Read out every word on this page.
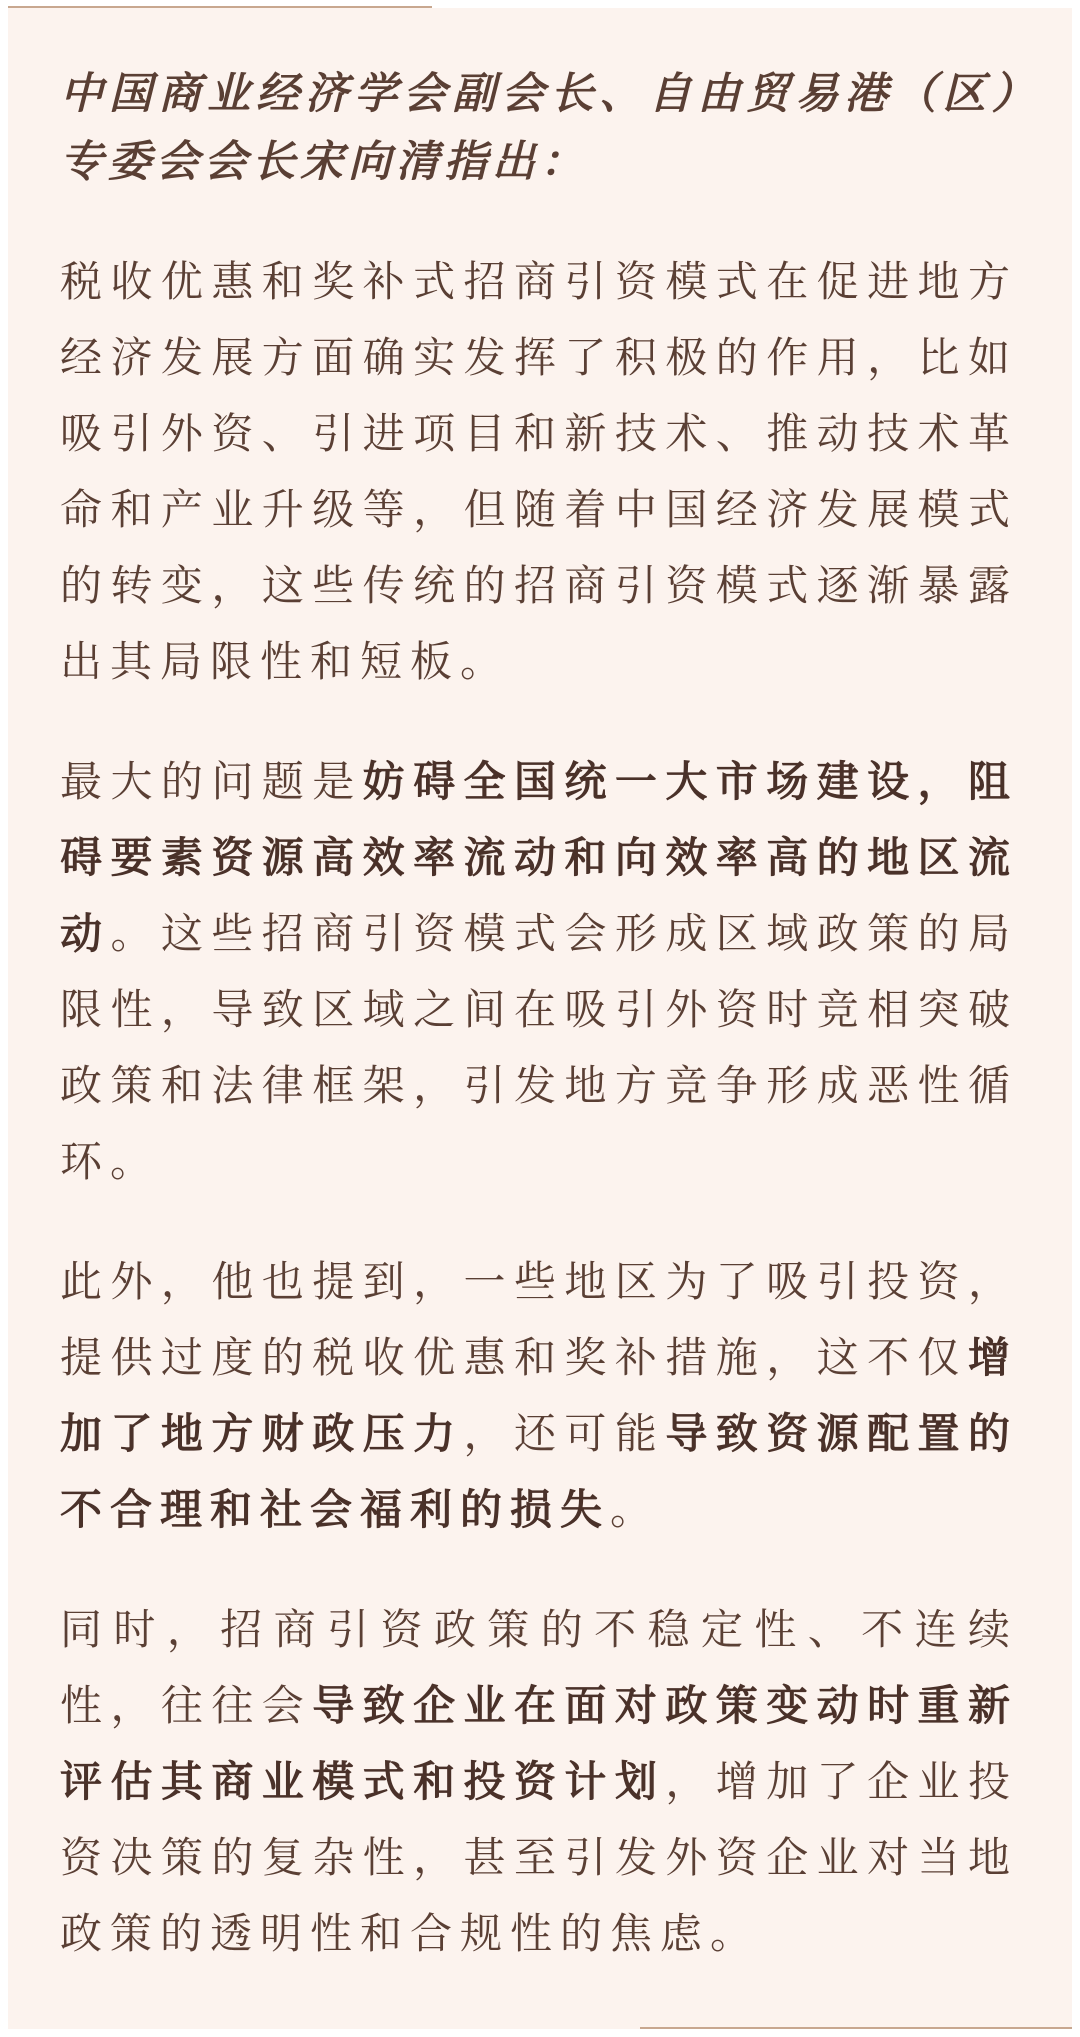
中国商业经济学会副会长、自由贸易港（区）专委会会长宋向清指出：

税收优惠和奖补式招商引资模式在促进地方经济发展方面确实发挥了积极的作用，比如吸引外资、引进项目和新技术、推动技术革命和产业升级等，但随着中国经济发展模式的转变，这些传统的招商引资模式逐渐暴露出其局限性和短板。

最大的问题是妨碍全国统一大市场建设，阻碍要素资源高效率流动和向效率高的地区流动。这些招商引资模式会形成区域政策的局限性，导致区域之间在吸引外资时竞相突破政策和法律框架，引发地方竞争形成恶性循环。

此外，他也提到，一些地区为了吸引投资，提供过度的税收优惠和奖补措施，这不仅增加了地方财政压力，还可能导致资源配置的不合理和社会福利的损失。

同时，招商引资政策的不稳定性、不连续性，往往会导致企业在面对政策变动时重新评估其商业模式和投资计划，增加了企业投资决策的复杂性，甚至引发外资企业对当地政策的透明性和合规性的焦虑。
